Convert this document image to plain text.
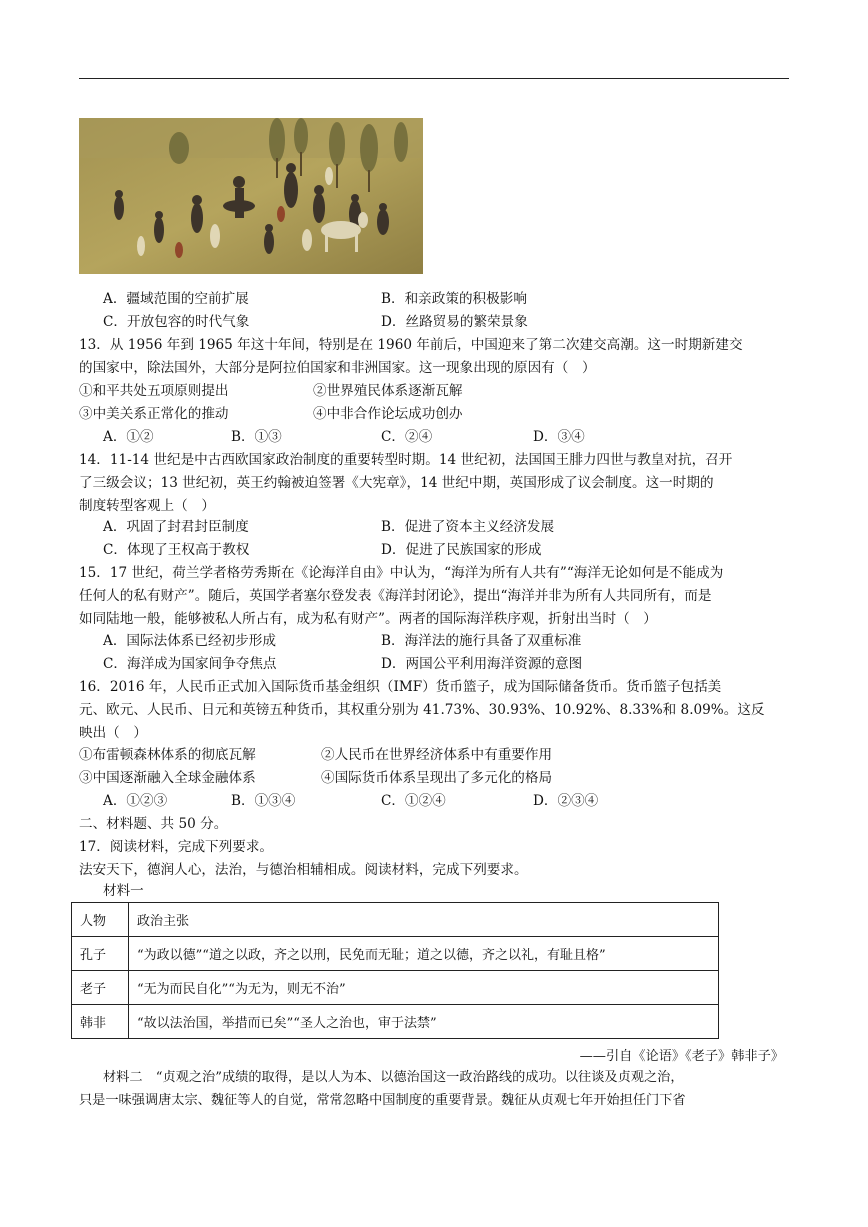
A．疆域范围的空前扩展	B．和亲政策的积极影响
C．开放包容的时代气象	D．丝路贸易的繁荣景象
13．从 1956 年到 1965 年这十年间，特别是在 1960 年前后，中国迎来了第二次建交高潮。这一时期新建交
的国家中，除法国外，大部分是阿拉伯国家和非洲国家。这一现象出现的原因有（　）
①和平共处五项原则提出	②世界殖民体系逐渐瓦解
③中美关系正常化的推动	④中非合作论坛成功创办
A．①②	B．①③	C．②④	D．③④
14．11-14 世纪是中古西欧国家政治制度的重要转型时期。14 世纪初，法国国王腓力四世与教皇对抗，召开
了三级会议；13 世纪初，英王约翰被迫签署《大宪章》，14 世纪中期，英国形成了议会制度。这一时期的
制度转型客观上（　）
A．巩固了封君封臣制度	B．促进了资本主义经济发展
C．体现了王权高于教权	D．促进了民族国家的形成
15．17 世纪，荷兰学者格劳秀斯在《论海洋自由》中认为，“海洋为所有人共有”“海洋无论如何是不能成为
任何人的私有财产”。随后，英国学者塞尔登发表《海洋封闭论》，提出“海洋并非为所有人共同所有，而是
如同陆地一般，能够被私人所占有，成为私有财产”。两者的国际海洋秩序观，折射出当时（　）
A．国际法体系已经初步形成	B．海洋法的施行具备了双重标准
C．海洋成为国家间争夺焦点	D．两国公平利用海洋资源的意图
16．2016 年，人民币正式加入国际货币基金组织（IMF）货币篮子，成为国际储备货币。货币篮子包括美
元、欧元、人民币、日元和英镑五种货币，其权重分别为 41.73%、30.93%、10.92%、8.33%和 8.09%。这反
映出（　）
①布雷顿森林体系的彻底瓦解	②人民币在世界经济体系中有重要作用
③中国逐渐融入全球金融体系	④国际货币体系呈现出了多元化的格局
A．①②③	B．①③④	C．①②④	D．②③④
二、材料题、共 50 分。
17．阅读材料，完成下列要求。
法安天下，德润人心，法治，与德治相辅相成。阅读材料，完成下列要求。
材料一
人物	政治主张
孔子	“为政以德”“道之以政，齐之以刑，民免而无耻；道之以德，齐之以礼，有耻且格”
老子	“无为而民自化”“为无为，则无不治”
韩非	“故以法治国，举措而已矣”“圣人之治也，审于法禁”
——引自《论语》《老子》韩非子》
材料二　“贞观之治”成绩的取得，是以人为本、以德治国这一政治路线的成功。以往谈及贞观之治，
只是一味强调唐太宗、魏征等人的自觉，常常忽略中国制度的重要背景。魏征从贞观七年开始担任门下省
